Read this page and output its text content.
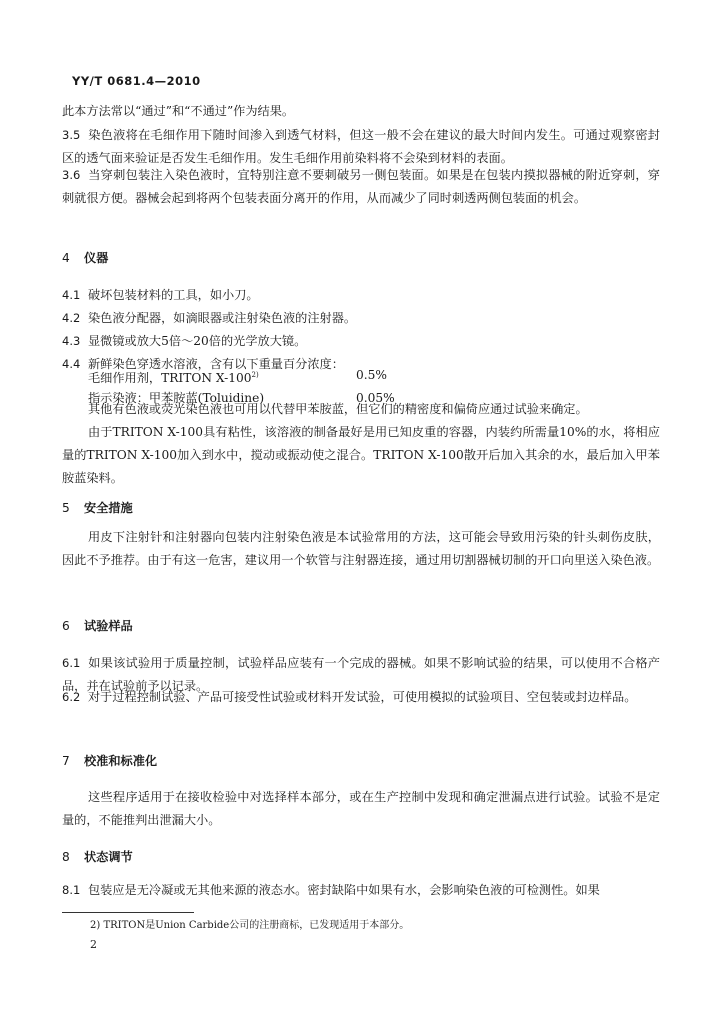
YY/T 0681.4—2010
此本方法常以“通过”和“不通过”作为结果。
3.5 染色液将在毛细作用下随时间渗入到透气材料，但这一般不会在建议的最大时间内发生。可通过观察密封区的透气面来验证是否发生毛细作用。发生毛细作用前染料将不会染到材料的表面。
3.6 当穿刺包装注入染色液时，宜特别注意不要刺破另一侧包装面。如果是在包装内摸拟器械的附近穿刺，穿刺就很方便。器械会起到将两个包装表面分离开的作用，从而减少了同时刺透两侧包装面的机会。
4 仪器
4.1 破坏包装材料的工具，如小刀。
4.2 染色液分配器，如滴眼器或注射染色液的注射器。
4.3 显微镜或放大5倍～20倍的光学放大镜。
4.4 新鲜染色穿透水溶液，含有以下重量百分浓度：
毛细作用剂，TRITON X-100$^{2)}$	0.5%
指示染液：甲苯胺蓝(Toluidine)	0.05%
其他有色液或荧光染色液也可用以代替甲苯胺蓝，但它们的精密度和偏倚应通过试验来确定。
由于TRITON X-100具有粘性，该溶液的制备最好是用已知皮重的容器，内装约所需量10%的水，将相应量的TRITON X-100加入到水中，搅动或振动使之混合。TRITON X-100散开后加入其余的水，最后加入甲苯胺蓝染料。
5 安全措施
用皮下注射针和注射器向包装内注射染色液是本试验常用的方法，这可能会导致用污染的针头刺伤皮肤，因此不予推荐。由于有这一危害，建议用一个软管与注射器连接，通过用切割器械切制的开口向里送入染色液。
6 试验样品
6.1 如果该试验用于质量控制，试验样品应装有一个完成的器械。如果不影响试验的结果，可以使用不合格产品，并在试验前予以记录。
6.2 对于过程控制试验、产品可接受性试验或材料开发试验，可使用模拟的试验项目、空包装或封边样品。
7 校准和标准化
这些程序适用于在接收检验中对选择样本部分，或在生产控制中发现和确定泄漏点进行试验。试验不是定量的，不能推判出泄漏大小。
8 状态调节
8.1 包装应是无冷凝或无其他来源的液态水。密封缺陷中如果有水，会影响染色液的可检测性。如果
2) TRITON是Union Carbide公司的注册商标，已发现适用于本部分。
2
